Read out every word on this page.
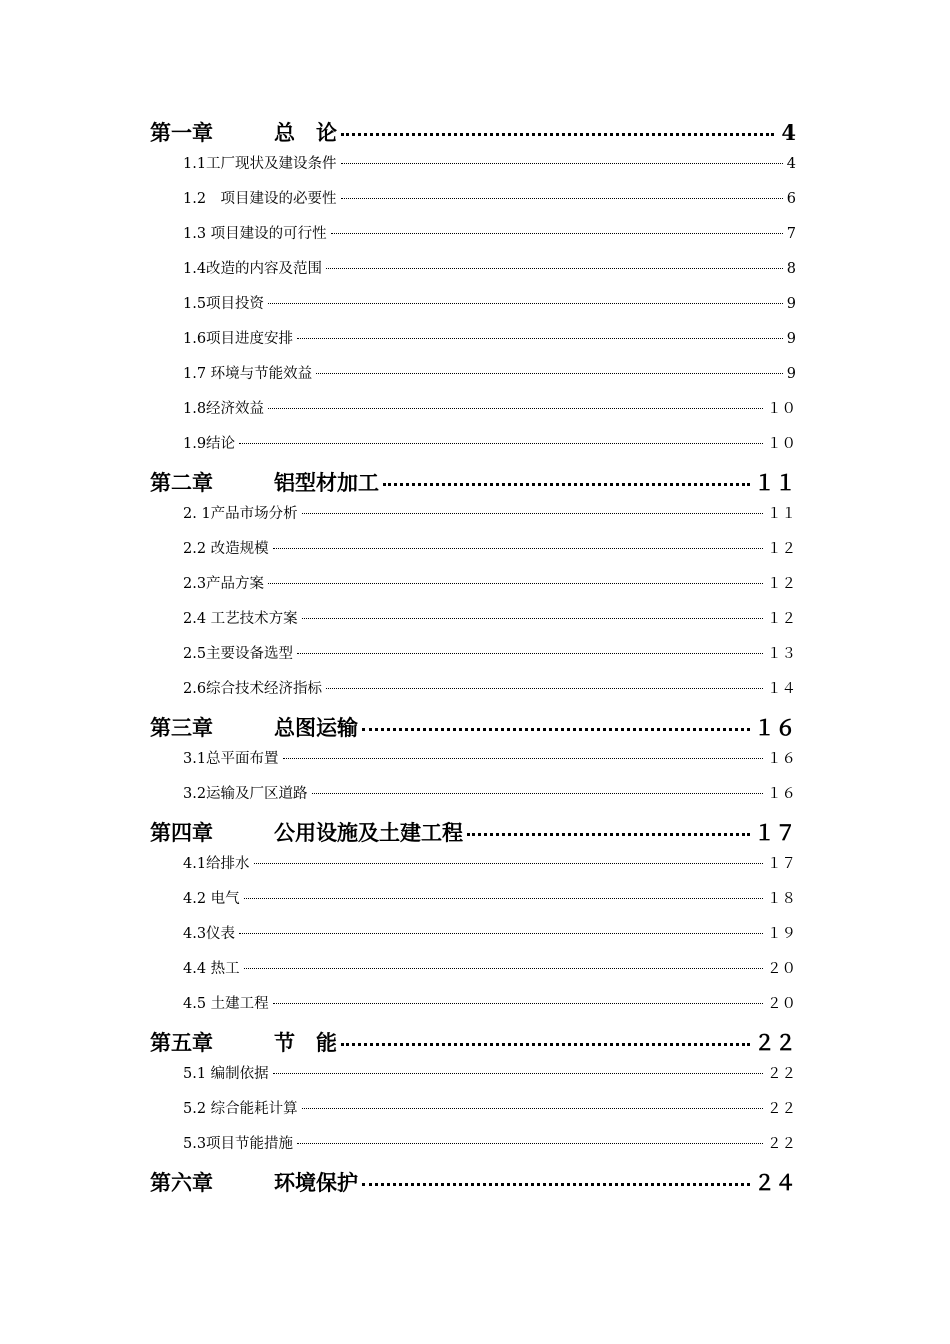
第一章	总　论	4
1.1工厂现状及建设条件	4
1.2　项目建设的必要性	6
1.3 项目建设的可行性	7
1.4改造的内容及范围	8
1.5项目投资	9
1.6项目进度安排	9
1.7 环境与节能效益	9
1.8经济效益	１０
1.9结论	１０
第二章	铝型材加工	１１
2. 1产品市场分析	１１
2.2 改造规模	１２
2.3产品方案	１２
2.4 工艺技术方案	１２
2.5主要设备选型	１３
2.6综合技术经济指标	１４
第三章	总图运输	１６
3.1总平面布置	１６
3.2运输及厂区道路	１６
第四章	公用设施及土建工程	１７
4.1给排水	１７
4.2 电气	１８
4.3仪表	１９
4.4 热工	２０
4.5 土建工程	２０
第五章	节　能	２２
5.1 编制依据	２２
5.2 综合能耗计算	２２
5.3项目节能措施	２２
第六章	环境保护	２４
